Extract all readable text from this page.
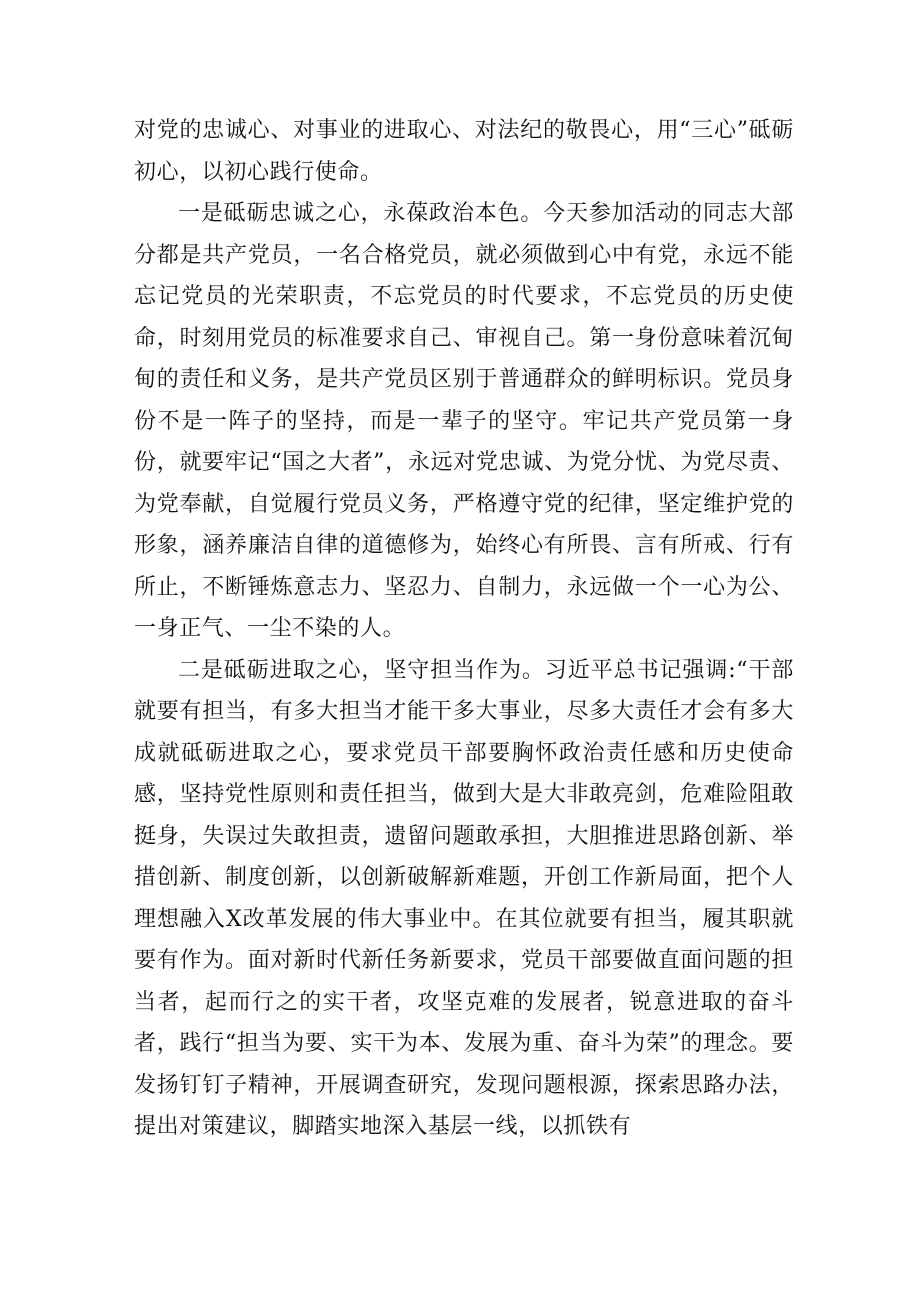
对党的忠诚心、对事业的进取心、对法纪的敬畏心，用“三心”砥砺初心，以初心践行使命。

一是砥砺忠诚之心，永葆政治本色。今天参加活动的同志大部分都是共产党员，一名合格党员，就必须做到心中有党，永远不能忘记党员的光荣职责，不忘党员的时代要求，不忘党员的历史使命，时刻用党员的标准要求自己、审视自己。第一身份意味着沉甸甸的责任和义务，是共产党员区别于普通群众的鲜明标识。党员身份不是一阵子的坚持，而是一辈子的坚守。牢记共产党员第一身份，就要牢记“国之大者”，永远对党忠诚、为党分忧、为党尽责、为党奉献，自觉履行党员义务，严格遵守党的纪律，坚定维护党的形象，涵养廉洁自律的道德修为，始终心有所畏、言有所戒、行有所止，不断锤炼意志力、坚忍力、自制力，永远做一个一心为公、一身正气、一尘不染的人。

二是砥砺进取之心，坚守担当作为。习近平总书记强调:“干部就要有担当，有多大担当才能干多大事业，尽多大责任才会有多大成就砥砺进取之心，要求党员干部要胸怀政治责任感和历史使命感，坚持党性原则和责任担当，做到大是大非敢亮剑，危难险阻敢挺身，失误过失敢担责，遗留问题敢承担，大胆推进思路创新、举措创新、制度创新，以创新破解新难题，开创工作新局面，把个人理想融入X改革发展的伟大事业中。在其位就要有担当，履其职就要有作为。面对新时代新任务新要求，党员干部要做直面问题的担当者，起而行之的实干者，攻坚克难的发展者，锐意进取的奋斗者，践行“担当为要、实干为本、发展为重、奋斗为荣”的理念。要发扬钉钉子精神，开展调查研究，发现问题根源，探索思路办法，提出对策建议，脚踏实地深入基层一线，以抓铁有
